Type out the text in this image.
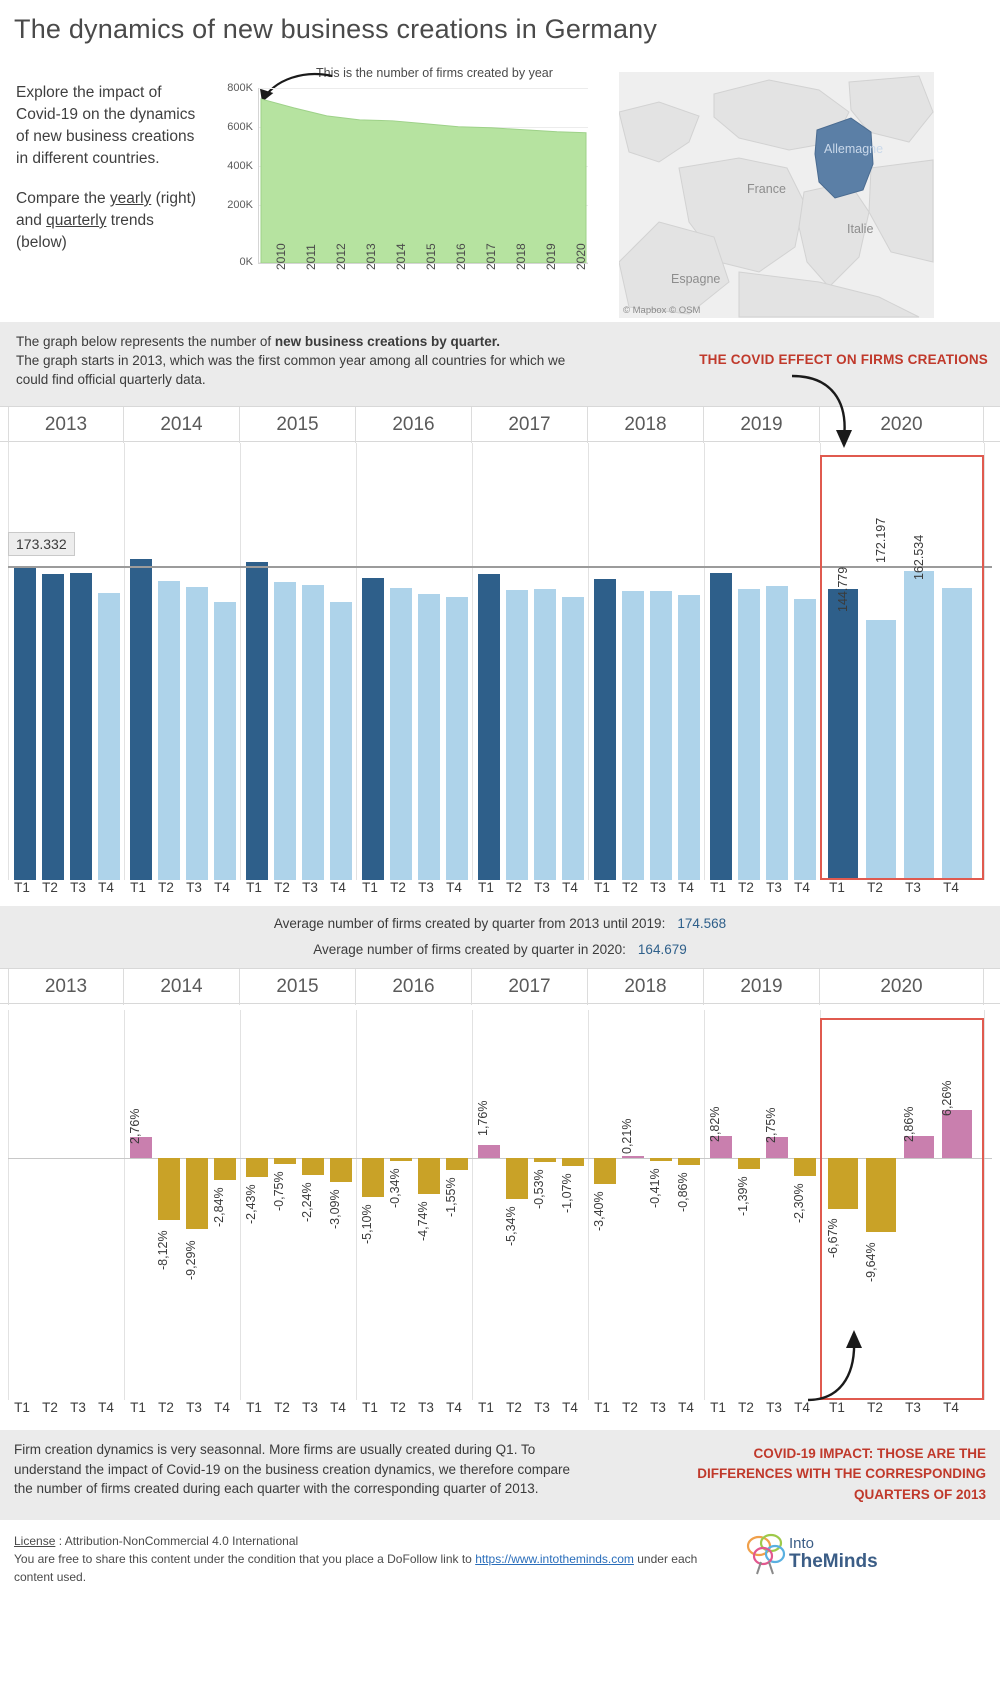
The dynamics of new business creations in Germany

Explore the impact of Covid-19 on the dynamics of new business creations in different countries.

Compare the yearly (right) and quarterly trends (below)

This is the number of firms created by year
800K
600K
400K
200K
0K 2010 2011 2012 2013 2014 2015 2016 2017 2018 2019 2020
Allemagne
France
Italie
Espagne
© Mapbox © OSM
The graph below represents the number of new business creations by quarter.
The graph starts in 2013, which was the first common year among all countries for which we could find official quarterly data.
THE COVID EFFECT ON FIRMS CREATIONS
2013	2014	2015	2016	2017	2018	2019	2020
173.332
144.779
172.197 162.534
T1 T2 T3 T4	T1 T2 T3 T4	T1 T2 T3 T4	T1 T2 T3 T4	T1 T2 T3 T4	T1 T2 T3 T4	T1 T2 T3 T4	T1	T2	T3	T4
Average number of firms created by quarter from 2013 until 2019: 174.568
Average number of firms created by quarter in 2020: 164.679
2013	2014	2015	2016	2017	2018	2019	2020
2,76%
-8,12% -9,29%
-2,84% -2,43% -0,75% -2,24% -3,09% -5,10%
-0,34%
-4,74%
-1,55%
1,76%
-5,34%
-0,53% -1,07% -3,40%
0,21%
-0,41% -0,86%
2,82%
-1,39%
2,75%
-2,30%
-6,67%
-9,64%
2,86%
6,26%
T1 T2 T3 T4	T1 T2 T3 T4	T1 T2 T3 T4	T1 T2 T3 T4	T1 T2 T3 T4	T1 T2 T3 T4	T1 T2 T3 T4	T1	T2	T3	T4
Firm creation dynamics is very seasonnal. More firms are usually created during Q1. To understand the impact of Covid-19 on the business creation dynamics, we therefore compare the number of firms created during each quarter with the corresponding quarter of 2013.
COVID-19 IMPACT: THOSE ARE THE DIFFERENCES WITH THE CORRESPONDING QUARTERS OF 2013
License : Attribution-NonCommercial 4.0 International
You are free to share this content under the condition that you place a DoFollow link to https://www.intotheminds.com under each content used.
Into
TheMinds
